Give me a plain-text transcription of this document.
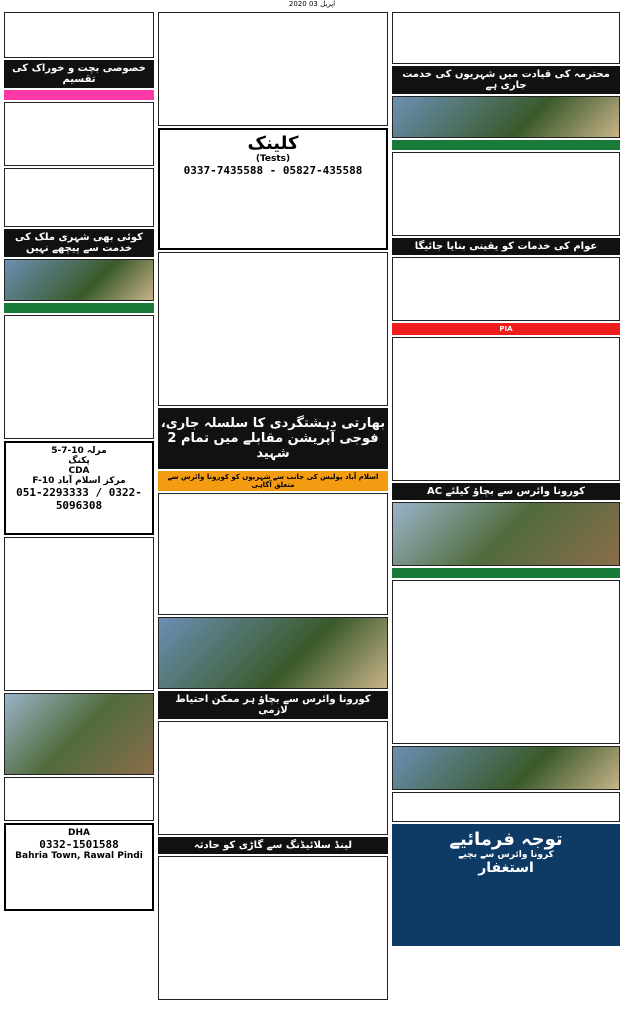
2020 اپریل 03
خصوصی بچت و خوراک کی تقسیم
کوئی بھی شہری ملک کی خدمت سے پیچھے نہیں
5-7-10 مرلہ
پکنگ
CDA
F-10 مرکز اسلام آباد
051-2293333 / 0322-5096308
DHA
0332-1501588
Bahria Town, Rawal Pindi
کلینک
(Tests)
0337-7435588 - 05827-435588
بھارتی دہشتگردی کا سلسلہ جاری، فوجی آپریشن مقابلے میں تمام 2 شہید
اسلام آباد پولیس کی جانب سے شہریوں کو کورونا وائرس سے متعلق آگاہی
کورونا وائرس سے بچاؤ ہر ممکن احتیاط لازمی
لینڈ سلائیڈنگ سے گاڑی کو حادثہ
محترمہ کی قیادت میں شہریوں کی خدمت جاری ہے
عوام کی خدمات کو یقینی بنایا جائیگا
PIA
کورونا وائرس سے بچاؤ کیلئے AC
توجہ فرمائیے
کرونا وائرس سے بچیے
استغفار
